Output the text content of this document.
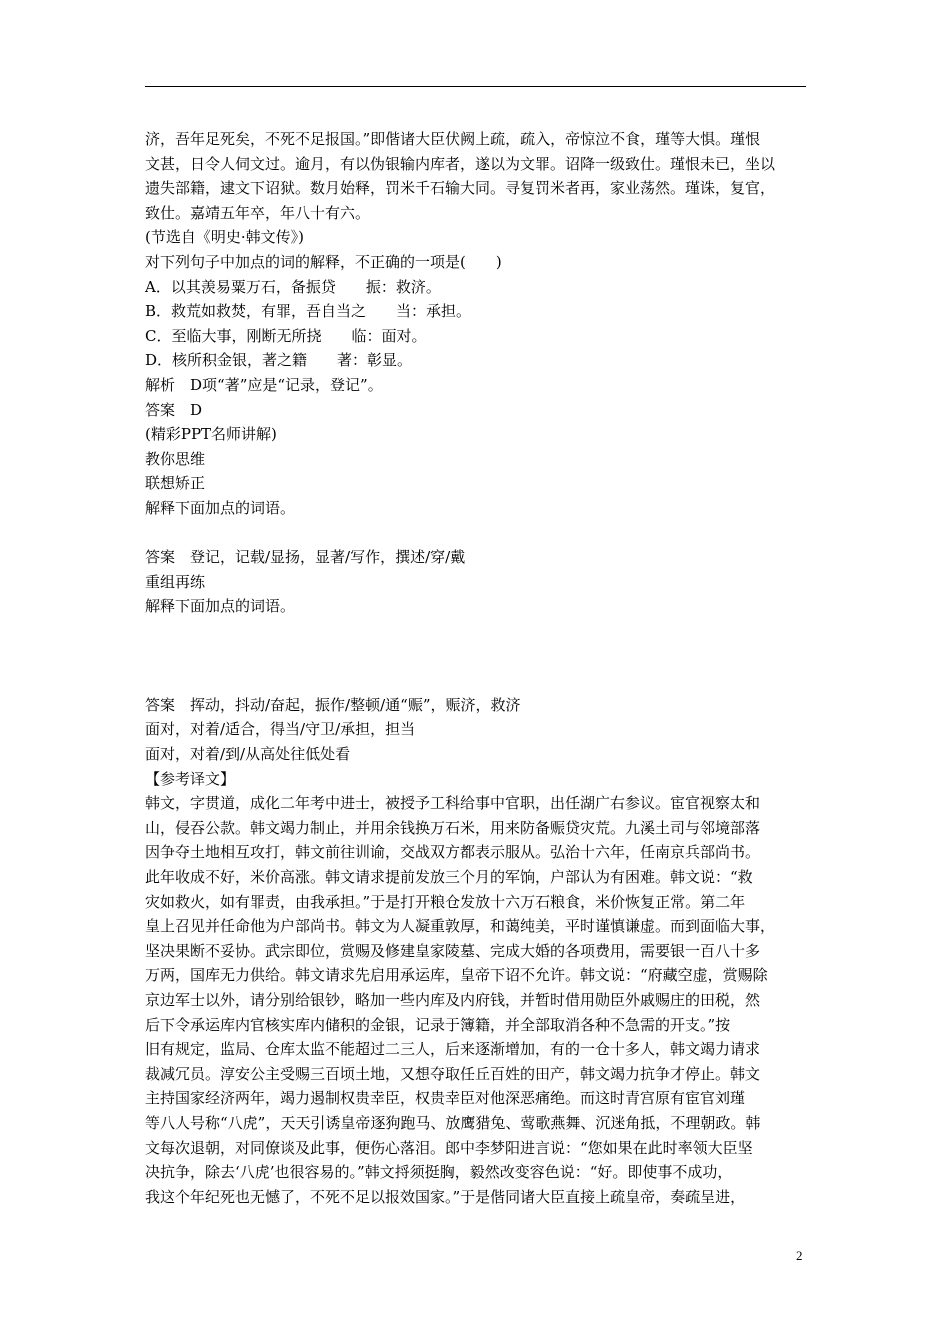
济，吾年足死矣，不死不足报国。”即偕诸大臣伏阙上疏，疏入，帝惊泣不食，瑾等大惧。瑾恨
文甚，日令人伺文过。逾月，有以伪银输内库者，遂以为文罪。诏降一级致仕。瑾恨未已，坐以
遗失部籍，逮文下诏狱。数月始释，罚米千石输大同。寻复罚米者再，家业荡然。瑾诛，复官，
致仕。嘉靖五年卒，年八十有六。
(节选自《明史·韩文传》)
对下列句子中加点的词的解释，不正确的一项是(　　)
A．以其羡易粟万石，备振贷　　振：救济。
B．救荒如救焚，有罪，吾自当之　　当：承担。
C．至临大事，刚断无所挠　　临：面对。
D．核所积金银，著之籍　　著：彰显。
解析　D项“著”应是“记录，登记”。
答案　D
(精彩PPT名师讲解)
教你思维
联想矫正
解释下面加点的词语。
答案　登记，记载/显扬，显著/写作，撰述/穿/戴
重组再练
解释下面加点的词语。
答案　挥动，抖动/奋起，振作/整顿/通“赈”，赈济，救济
面对，对着/适合，得当/守卫/承担，担当
面对，对着/到/从高处往低处看
【参考译文】
韩文，字贯道，成化二年考中进士，被授予工科给事中官职，出任湖广右参议。宦官视察太和
山，侵吞公款。韩文竭力制止，并用余钱换万石米，用来防备赈贷灾荒。九溪土司与邻境部落
因争夺土地相互攻打，韩文前往训谕，交战双方都表示服从。弘治十六年，任南京兵部尚书。
此年收成不好，米价高涨。韩文请求提前发放三个月的军饷，户部认为有困难。韩文说：“救
灾如救火，如有罪责，由我承担。”于是打开粮仓发放十六万石粮食，米价恢复正常。第二年
皇上召见并任命他为户部尚书。韩文为人凝重敦厚，和蔼纯美，平时谨慎谦虚。而到面临大事，
坚决果断不妥协。武宗即位，赏赐及修建皇家陵墓、完成大婚的各项费用，需要银一百八十多
万两，国库无力供给。韩文请求先启用承运库，皇帝下诏不允许。韩文说：“府藏空虚，赏赐除
京边军士以外，请分别给银钞，略加一些内库及内府钱，并暂时借用勋臣外戚赐庄的田税，然
后下令承运库内官核实库内储积的金银，记录于簿籍，并全部取消各种不急需的开支。”按
旧有规定，监局、仓库太监不能超过二三人，后来逐渐增加，有的一仓十多人，韩文竭力请求
裁减冗员。淳安公主受赐三百顷土地，又想夺取任丘百姓的田产，韩文竭力抗争才停止。韩文
主持国家经济两年，竭力遏制权贵幸臣，权贵幸臣对他深恶痛绝。而这时青宫原有宦官刘瑾
等八人号称“八虎”，天天引诱皇帝逐狗跑马、放鹰猎兔、莺歌燕舞、沉迷角抵，不理朝政。韩
文每次退朝，对同僚谈及此事，便伤心落泪。郎中李梦阳进言说：“您如果在此时率领大臣坚
决抗争，除去‘八虎’也很容易的。”韩文捋须挺胸，毅然改变容色说：“好。即使事不成功，
我这个年纪死也无憾了，不死不足以报效国家。”于是偕同诸大臣直接上疏皇帝，奏疏呈进，
2
